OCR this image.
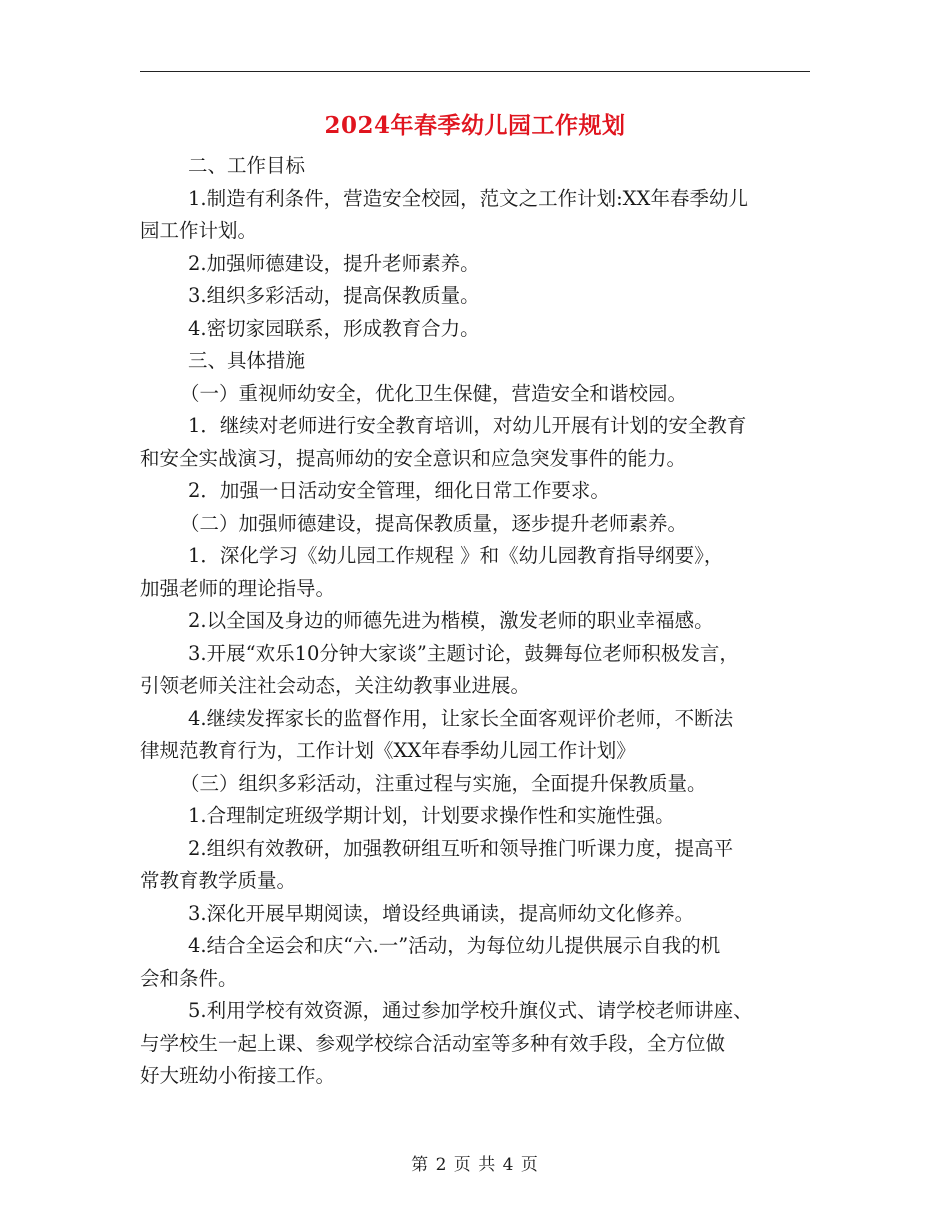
2024年春季幼儿园工作规划
二、工作目标
1.制造有利条件，营造安全校园，范文之工作计划:XX年春季幼儿
园工作计划。
2.加强师德建设，提升老师素养。
3.组织多彩活动，提高保教质量。
4.密切家园联系，形成教育合力。
三、具体措施
（一）重视师幼安全，优化卫生保健，营造安全和谐校园。
1．继续对老师进行安全教育培训，对幼儿开展有计划的安全教育
和安全实战演习，提高师幼的安全意识和应急突发事件的能力。
2．加强一日活动安全管理，细化日常工作要求。
（二）加强师德建设，提高保教质量，逐步提升老师素养。
1．深化学习《幼儿园工作规程 》和《幼儿园教育指导纲要》，
加强老师的理论指导。
2.以全国及身边的师德先进为楷模，激发老师的职业幸福感。
3.开展“欢乐10分钟大家谈”主题讨论，鼓舞每位老师积极发言，
引领老师关注社会动态，关注幼教事业进展。
4.继续发挥家长的监督作用，让家长全面客观评价老师，不断法
律规范教育行为，工作计划《XX年春季幼儿园工作计划》
（三）组织多彩活动，注重过程与实施，全面提升保教质量。
1.合理制定班级学期计划，计划要求操作性和实施性强。
2.组织有效教研，加强教研组互听和领导推门听课力度，提高平
常教育教学质量。
3.深化开展早期阅读，增设经典诵读，提高师幼文化修养。
4.结合全运会和庆“六.一”活动，为每位幼儿提供展示自我的机
会和条件。
5.利用学校有效资源，通过参加学校升旗仪式、请学校老师讲座、
与学校生一起上课、参观学校综合活动室等多种有效手段，全方位做
好大班幼小衔接工作。
第 2 页 共 4 页
